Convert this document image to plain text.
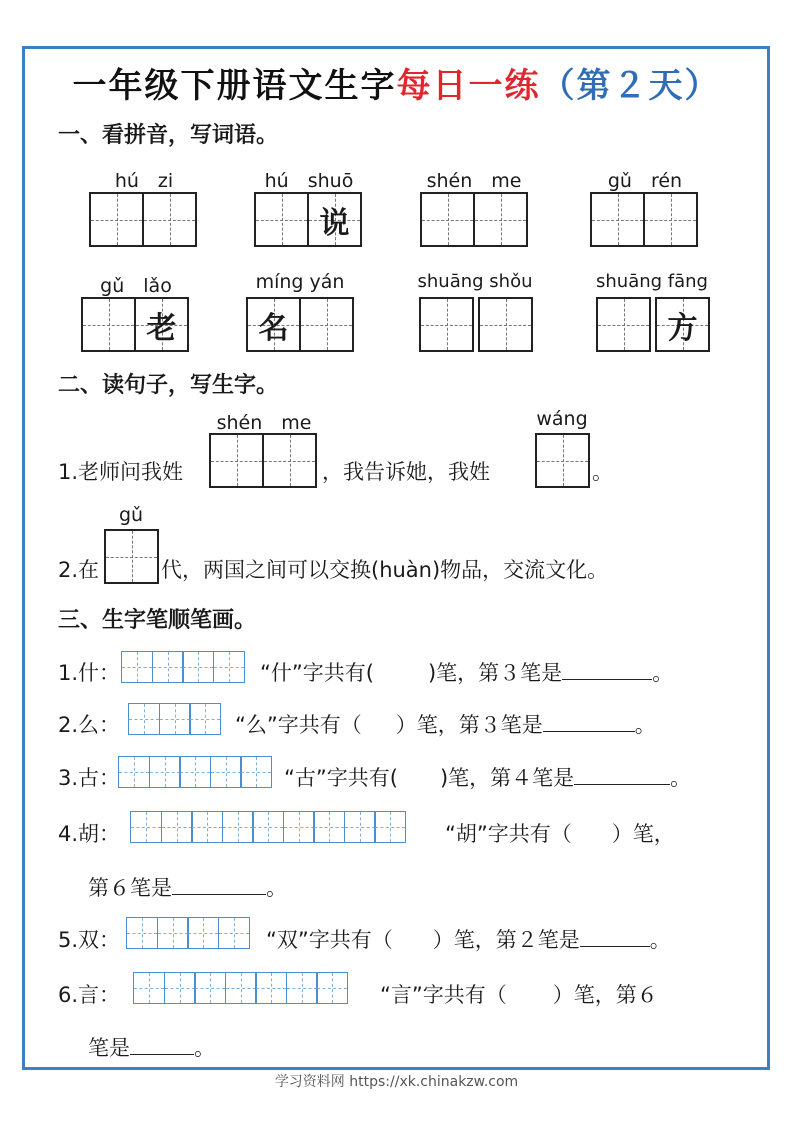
一年级下册语文生字每日一练（第２天）
一、看拼音，写词语。
hú　zi	hú　shuō
说
shén　me	gǔ　rén
gǔ　lǎo
老
míng yán
名
shuāng shǒu	shuāng fāng
方
二、读句子，写生字。
shén　me	wáng
1.老师问我姓	，我告诉她，我姓	。
gǔ
2.在	代，两国之间可以交换(huàn)物品，交流文化。
三、生字笔顺笔画。
1.什：	“什”字共有(	)笔，第３笔是	。
2.么：	“么”字共有（ ）笔，第３笔是	。
3.古：	“古”字共有( )笔，第４笔是	。
4.胡：	“胡”字共有（ ）笔，
第６笔是	。
5.双：	“双”字共有（ ）笔，第２笔是	。
6.言：	“言”字共有（ ）笔，第６
笔是	。
学习资料网 https://xk.chinakzw.com
